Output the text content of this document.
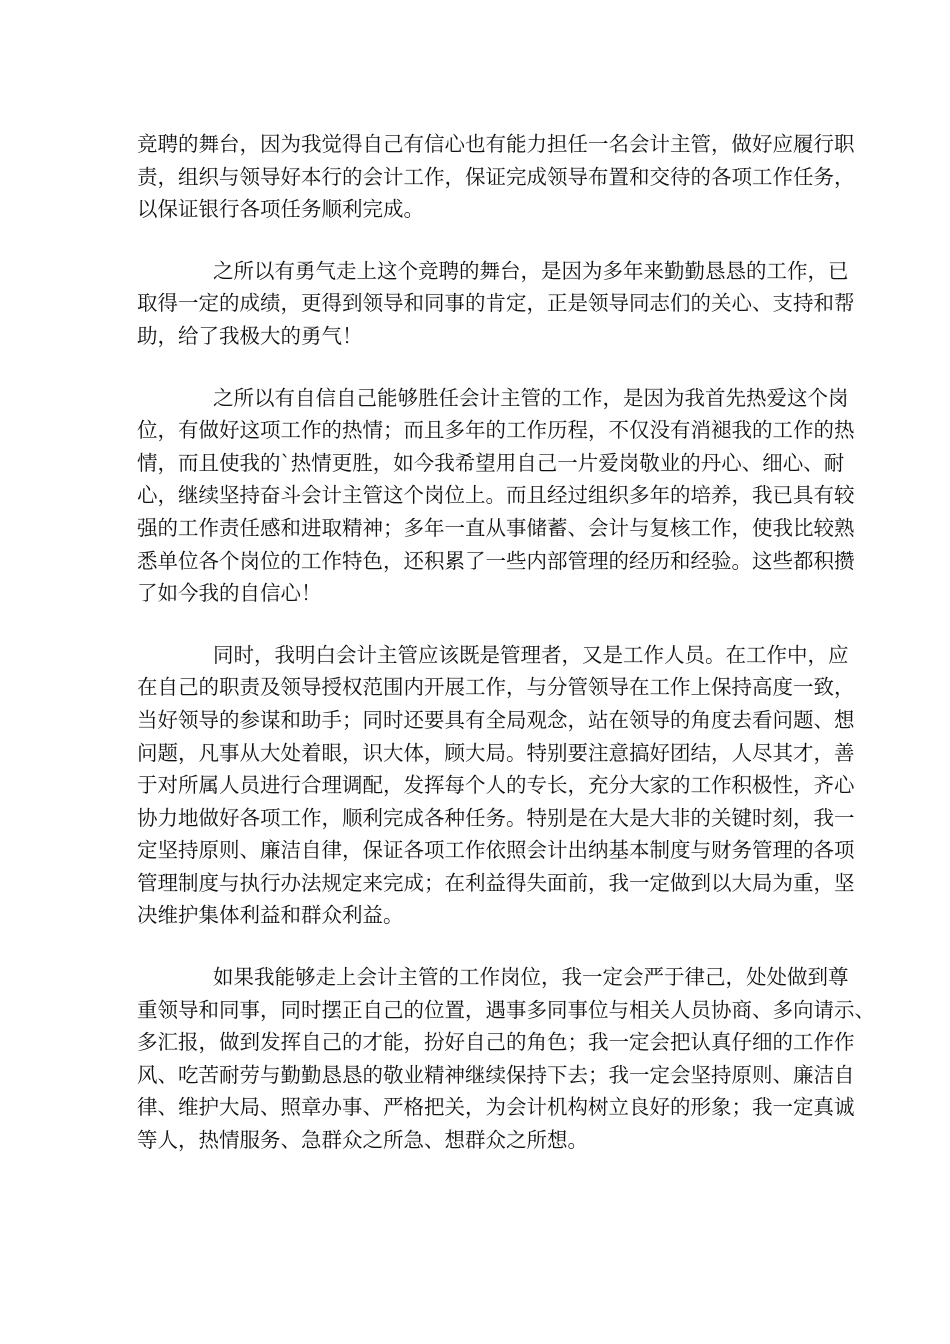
竞聘的舞台，因为我觉得自己有信心也有能力担任一名会计主管，做好应履行职
责，组织与领导好本行的会计工作，保证完成领导布置和交待的各项工作任务，
以保证银行各项任务顺利完成。

之所以有勇气走上这个竞聘的舞台，是因为多年来勤勤恳恳的工作，已
取得一定的成绩，更得到领导和同事的肯定，正是领导同志们的关心、支持和帮
助，给了我极大的勇气！

之所以有自信自己能够胜任会计主管的工作，是因为我首先热爱这个岗
位，有做好这项工作的热情；而且多年的工作历程，不仅没有消褪我的工作的热
情，而且使我的`热情更胜，如今我希望用自己一片爱岗敬业的丹心、细心、耐
心，继续坚持奋斗会计主管这个岗位上。而且经过组织多年的培养，我已具有较
强的工作责任感和进取精神；多年一直从事储蓄、会计与复核工作，使我比较熟
悉单位各个岗位的工作特色，还积累了一些内部管理的经历和经验。这些都积攒
了如今我的自信心！

同时，我明白会计主管应该既是管理者，又是工作人员。在工作中，应
在自己的职责及领导授权范围内开展工作，与分管领导在工作上保持高度一致，
当好领导的参谋和助手；同时还要具有全局观念，站在领导的角度去看问题、想
问题，凡事从大处着眼，识大体，顾大局。特别要注意搞好团结，人尽其才，善
于对所属人员进行合理调配，发挥每个人的专长，充分大家的工作积极性，齐心
协力地做好各项工作，顺利完成各种任务。特别是在大是大非的关键时刻，我一
定坚持原则、廉洁自律，保证各项工作依照会计出纳基本制度与财务管理的各项
管理制度与执行办法规定来完成；在利益得失面前，我一定做到以大局为重，坚
决维护集体利益和群众利益。

如果我能够走上会计主管的工作岗位，我一定会严于律己，处处做到尊
重领导和同事，同时摆正自己的位置，遇事多同事位与相关人员协商、多向请示、
多汇报，做到发挥自己的才能，扮好自己的角色；我一定会把认真仔细的工作作
风、吃苦耐劳与勤勤恳恳的敬业精神继续保持下去；我一定会坚持原则、廉洁自
律、维护大局、照章办事、严格把关，为会计机构树立良好的形象；我一定真诚
等人，热情服务、急群众之所急、想群众之所想。
